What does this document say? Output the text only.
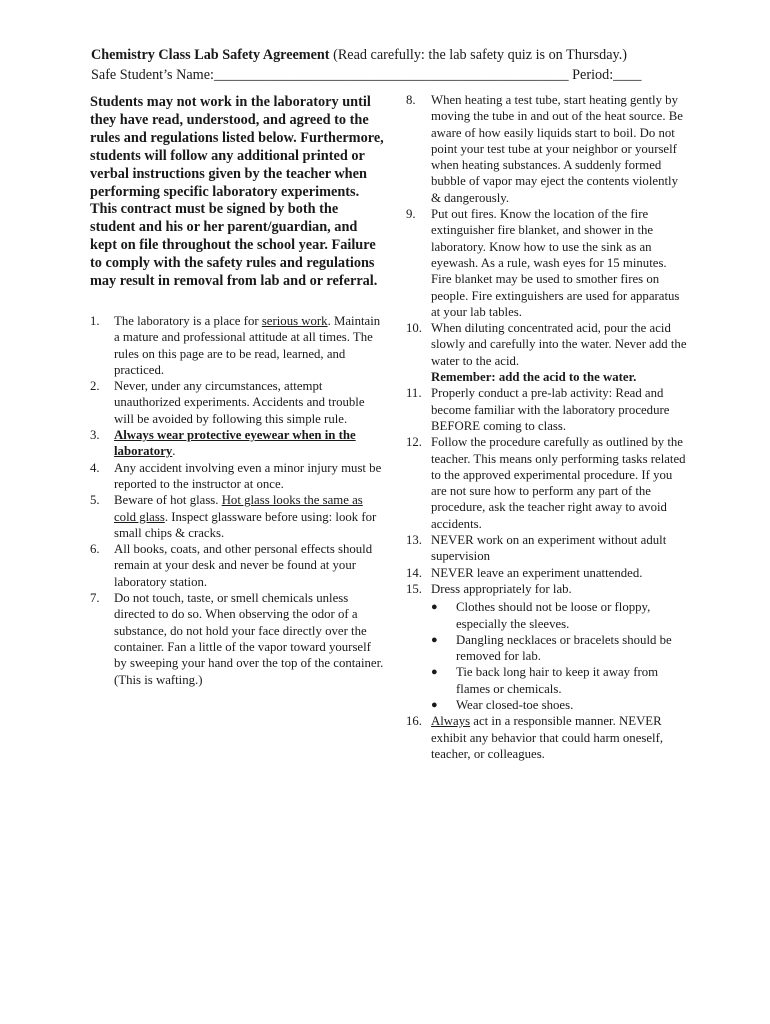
Chemistry Class Lab Safety Agreement (Read carefully: the lab safety quiz is on Thursday.)
Safe Student’s Name:__________________________________________________ Period:____

Students may not work in the laboratory until they have read, understood, and agreed to the rules and regulations listed below. Furthermore, students will follow any additional printed or verbal instructions given by the teacher when performing specific laboratory experiments. This contract must be signed by both the student and his or her parent/guardian, and kept on file throughout the school year. Failure to comply with the safety rules and regulations may result in removal from lab and or referral.

1. The laboratory is a place for serious work. Maintain a mature and professional attitude at all times. The rules on this page are to be read, learned, and practiced.
2. Never, under any circumstances, attempt unauthorized experiments. Accidents and trouble will be avoided by following this simple rule.
3. Always wear protective eyewear when in the laboratory.
4. Any accident involving even a minor injury must be reported to the instructor at once.
5. Beware of hot glass. Hot glass looks the same as cold glass. Inspect glassware before using: look for small chips & cracks.
6. All books, coats, and other personal effects should remain at your desk and never be found at your laboratory station.
7. Do not touch, taste, or smell chemicals unless directed to do so. When observing the odor of a substance, do not hold your face directly over the container. Fan a little of the vapor toward yourself by sweeping your hand over the top of the container. (This is wafting.)
8. When heating a test tube, start heating gently by moving the tube in and out of the heat source. Be aware of how easily liquids start to boil. Do not point your test tube at your neighbor or yourself when heating substances. A suddenly formed bubble of vapor may eject the contents violently & dangerously.
9. Put out fires. Know the location of the fire extinguisher fire blanket, and shower in the laboratory. Know how to use the sink as an eyewash. As a rule, wash eyes for 15 minutes. Fire blanket may be used to smother fires on people. Fire extinguishers are used for apparatus at your lab tables.
10. When diluting concentrated acid, pour the acid slowly and carefully into the water. Never add the water to the acid.
Remember: add the acid to the water.
11. Properly conduct a pre-lab activity: Read and become familiar with the laboratory procedure BEFORE coming to class.
12. Follow the procedure carefully as outlined by the teacher. This means only performing tasks related to the approved experimental procedure. If you are not sure how to perform any part of the procedure, ask the teacher right away to avoid accidents.
13. NEVER work on an experiment without adult supervision
14. NEVER leave an experiment unattended.
15. Dress appropriately for lab.
● Clothes should not be loose or floppy, especially the sleeves.
● Dangling necklaces or bracelets should be removed for lab.
● Tie back long hair to keep it away from flames or chemicals.
● Wear closed-toe shoes.
16. Always act in a responsible manner. NEVER exhibit any behavior that could harm oneself, teacher, or colleagues.
